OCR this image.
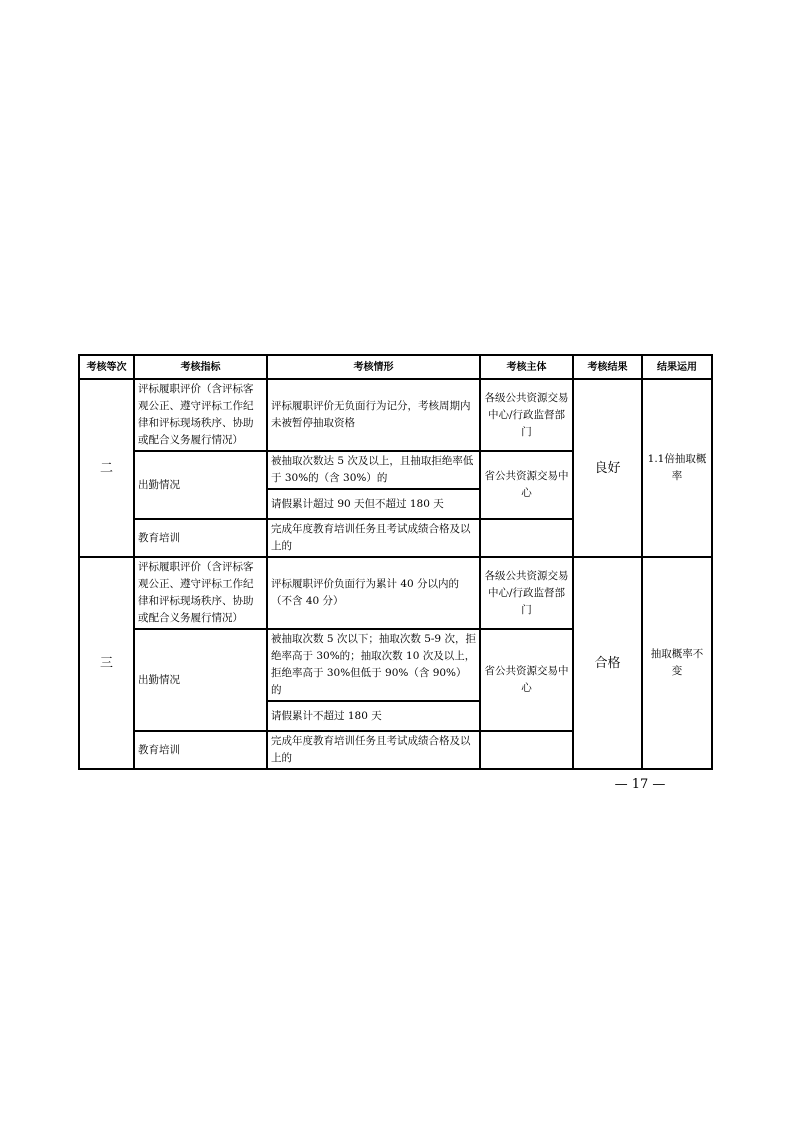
考核等次	考核指标	考核情形	考核主体	考核结果	结果运用
二	评标履职评价（含评标客观公正、遵守评标工作纪律和评标现场秩序、协助或配合义务履行情况）	评标履职评价无负面行为记分，考核周期内未被暂停抽取资格	各级公共资源交易中心/行政监督部门	良好	1.1倍抽取概率
	出勤情况	被抽取次数达 5 次及以上，且抽取拒绝率低于 30%的（含 30%）的	省公共资源交易中心		
		请假累计超过 90 天但不超过 180 天			
	教育培训	完成年度教育培训任务且考试成绩合格及以上的			
三	评标履职评价（含评标客观公正、遵守评标工作纪律和评标现场秩序、协助或配合义务履行情况）	评标履职评价负面行为累计 40 分以内的（不含 40 分）	各级公共资源交易中心/行政监督部门	合格	抽取概率不变
	出勤情况	被抽取次数 5 次以下；抽取次数 5-9 次，拒绝率高于 30%的；抽取次数 10 次及以上，拒绝率高于 30%但低于 90%（含 90%）的	省公共资源交易中心		
		请假累计不超过 180 天			
	教育培训	完成年度教育培训任务且考试成绩合格及以上的			
— 17 —
